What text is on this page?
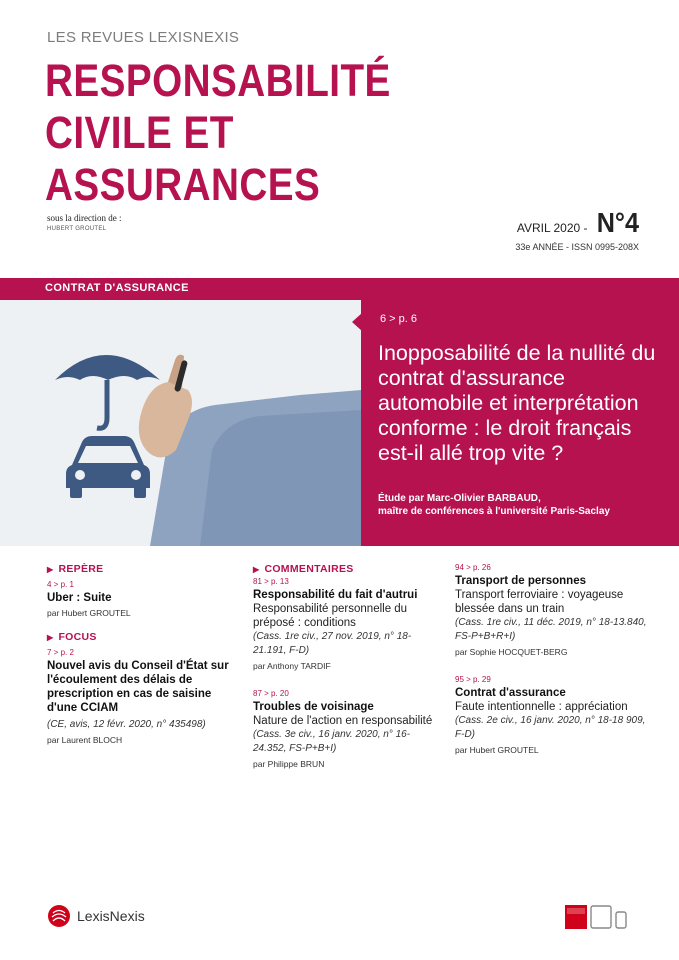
LES REVUES LEXISNEXIS
RESPONSABILITÉ
CIVILE ET
ASSURANCES
sous la direction de :
HUBERT GROUTEL	AVRIL 2020 - N°4
33e ANNÉE - ISSN 0995-208X
CONTRAT D'ASSURANCE
6 > p. 6
Inopposabilité de la nullité du contrat d'assurance automobile et interprétation conforme : le droit français est-il allé trop vite ?
Étude par Marc-Olivier BARBAUD,
maître de conférences à l'université Paris-Saclay
▶ REPÈRE
4 > p. 1
Uber : Suite
par Hubert GROUTEL
▶ FOCUS
7 > p. 2
Nouvel avis du Conseil d'État sur l'écoulement des délais de prescription en cas de saisine d'une CCIAM
(CE, avis, 12 févr. 2020, n° 435498)
par Laurent BLOCH
▶ COMMENTAIRES
81 > p. 13
Responsabilité du fait d'autrui
Responsabilité personnelle du préposé : conditions
(Cass. 1re civ., 27 nov. 2019, n° 18-21.191, F-D)
par Anthony TARDIF
87 > p. 20
Troubles de voisinage
Nature de l'action en responsabilité
(Cass. 3e civ., 16 janv. 2020, n° 16-24.352, FS-P+B+I)
par Philippe BRUN
94 > p. 26
Transport de personnes
Transport ferroviaire : voyageuse blessée dans un train
(Cass. 1re civ., 11 déc. 2019, n° 18-13.840, FS-P+B+R+I)
par Sophie HOCQUET-BERG
95 > p. 29
Contrat d'assurance
Faute intentionnelle : appréciation
(Cass. 2e civ., 16 janv. 2020, n° 18-18 909, F-D)
par Hubert GROUTEL
LexisNexis
